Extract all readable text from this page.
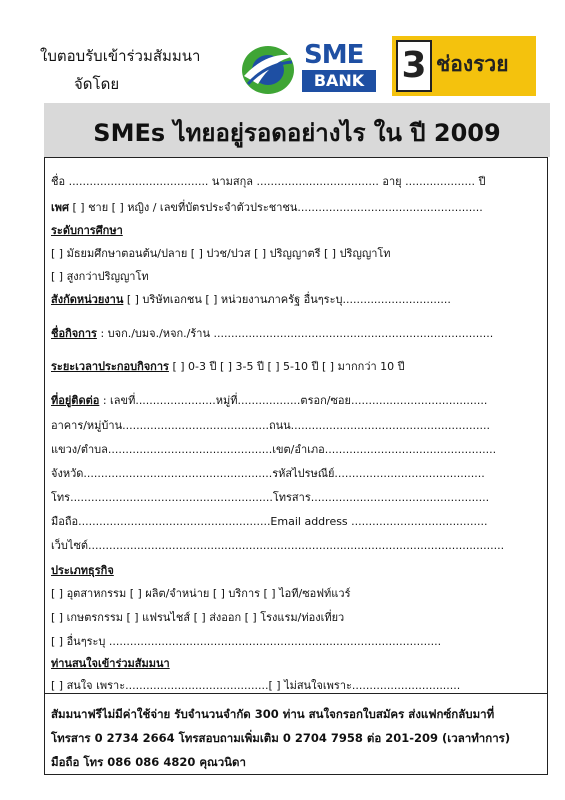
ใบตอบรับเข้าร่วมสัมมนา
จัดโดย
SME
BANK	3 ช่องรวย
SMEs ไทยอยู่รอดอย่างไร ใน ปี 2009
ชื่อ ........................................ นามสกุล ................................... อายุ .................... ปี
เพศ [ ] ชาย [ ] หญิง / เลขที่บัตรประจำตัวประชาชน.....................................................
ระดับการศึกษา
[ ] มัธยมศึกษาตอนต้น/ปลาย [ ] ปวช/ปวส [ ] ปริญญาตรี [ ] ปริญญาโท
[ ] สูงกว่าปริญญาโท
สังกัดหน่วยงาน [ ] บริษัทเอกชน [ ] หน่วยงานภาครัฐ อื่นๆระบุ...............................
ชื่อกิจการ : บจก./บมจ./หจก./ร้าน ................................................................................
ระยะเวลาประกอบกิจการ [ ] 0-3 ปี [ ] 3-5 ปี [ ] 5-10 ปี [ ] มากกว่า 10 ปี
ที่อยู่ติดต่อ : เลขที่.......................หมู่ที่..................ตรอก/ซอย.......................................
อาคาร/หมู่บ้าน..........................................ถนน.........................................................
แขวง/ตำบล...............................................เขต/อำเภอ.................................................
จังหวัด......................................................รหัสไปรษณีย์...........................................
โทร..........................................................โทรสาร...................................................
มือถือ.......................................................Email address .......................................
เว็บไซต์.......................................................................................................................
ประเภทธุรกิจ
[ ] อุตสาหกรรม [ ] ผลิต/จำหน่าย [ ] บริการ [ ] ไอที/ซอฟท์แวร์
[ ] เกษตรกรรม [ ] แฟรนไชส์ [ ] ส่งออก [ ] โรงแรม/ท่องเที่ยว
[ ] อื่นๆระบุ ...............................................................................................
ท่านสนใจเข้าร่วมสัมมนา
[ ] สนใจ เพราะ.........................................[ ] ไม่สนใจเพราะ...............................
สัมมนาฟรีไม่มีค่าใช้จ่าย รับจำนวนจำกัด 300 ท่าน สนใจกรอกใบสมัคร ส่งแฟกซ์กลับมาที่
โทรสาร 0 2734 2664 โทรสอบถามเพิ่มเติม 0 2704 7958 ต่อ 201-209 (เวลาทำการ)
มือถือ โทร 086 086 4820 คุณวนิดา
